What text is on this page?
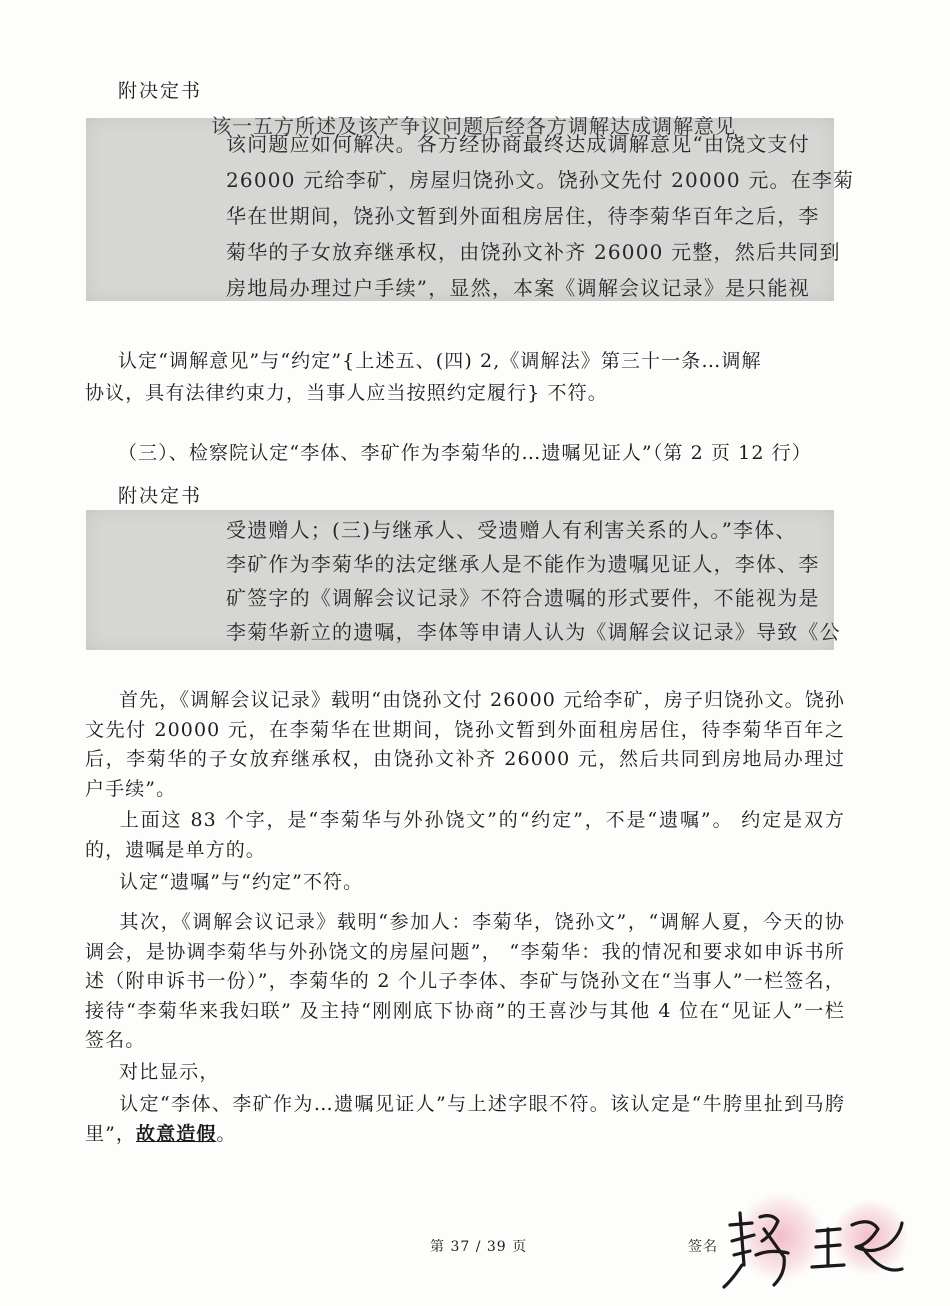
附决定书
该一五方所述及该产争议问题后经各方调解达成调解意见
该问题应如何解决。各方经协商最终达成调解意见“由饶文支付
26000 元给李矿，房屋归饶孙文。饶孙文先付 20000 元。在李菊
华在世期间，饶孙文暂到外面租房居住，待李菊华百年之后，李
菊华的子女放弃继承权，由饶孙文补齐 26000 元整，然后共同到
房地局办理过户手续”，显然，本案《调解会议记录》是只能视
认定“调解意见”与“约定”{上述五、(四) 2,《调解法》第三十一条…调解
协议，具有法律约束力，当事人应当按照约定履行} 不符。
（三）、检察院认定“李体、李矿作为李菊华的…遗嘱见证人”（第 2 页 12 行）
附决定书
受遗赠人；(三)与继承人、受遗赠人有利害关系的人。”李体、
李矿作为李菊华的法定继承人是不能作为遗嘱见证人，李体、李
矿签字的《调解会议记录》不符合遗嘱的形式要件，不能视为是
李菊华新立的遗嘱，李体等申请人认为《调解会议记录》导致《公
首先，《调解会议记录》载明“由饶孙文付 26000 元给李矿，房子归饶孙文。饶孙文先付 20000 元，在李菊华在世期间，饶孙文暂到外面租房居住，待李菊华百年之后，李菊华的子女放弃继承权，由饶孙文补齐 26000 元，然后共同到房地局办理过户手续”。
上面这 83 个字，是“李菊华与外孙饶文”的“约定”，不是“遗嘱”。 约定是双方的，遗嘱是单方的。
认定“遗嘱”与“约定”不符。
其次，《调解会议记录》载明“参加人：李菊华，饶孙文”，“调解人夏，今天的协调会，是协调李菊华与外孙饶文的房屋问题”， “李菊华：我的情况和要求如申诉书所述（附申诉书一份）”，李菊华的 2 个儿子李体、李矿与饶孙文在“当事人”一栏签名，接待“李菊华来我妇联” 及主持“刚刚底下协商”的王喜沙与其他 4 位在“见证人”一栏签名。
对比显示，
认定“李体、李矿作为…遗嘱见证人”与上述字眼不符。该认定是“牛胯里扯到马胯里”，故意造假。
第 37 / 39 页	签名
